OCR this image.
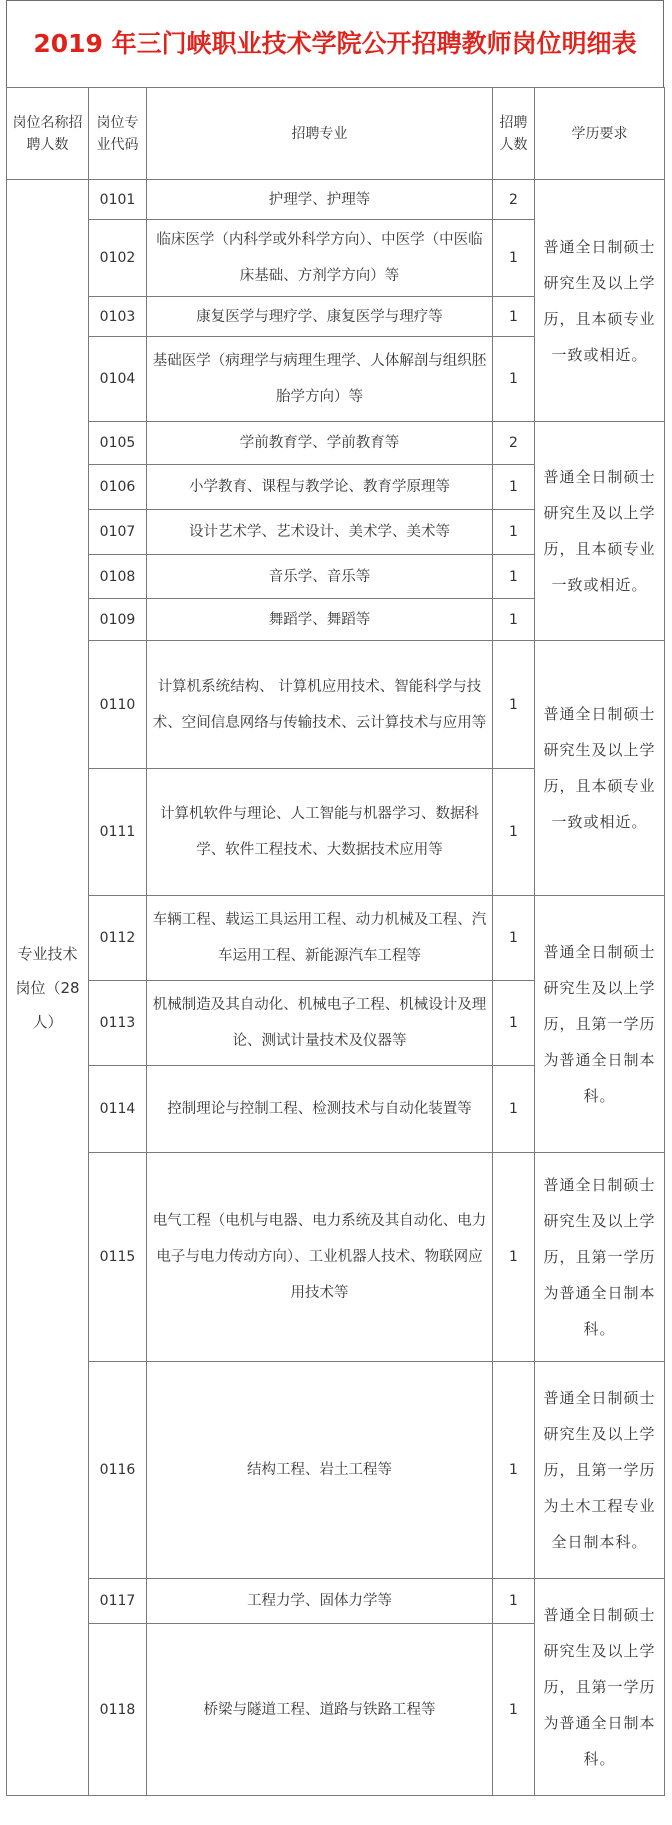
2019 年三门峡职业技术学院公开招聘教师岗位明细表
岗位名称招聘人数	岗位专业代码	招聘专业	招聘人数	学历要求
专业技术岗位（28 人）	0101	护理学、护理等	2	普通全日制硕士研究生及以上学历，且本硕专业一致或相近。
	0102	临床医学（内科学或外科学方向）、中医学（中医临床基础、方剂学方向）等	1	
	0103	康复医学与理疗学、康复医学与理疗等	1	
	0104	基础医学（病理学与病理生理学、人体解剖与组织胚胎学方向）等	1	
	0105	学前教育学、学前教育等	2	普通全日制硕士研究生及以上学历，且本硕专业一致或相近。
	0106	小学教育、课程与教学论、教育学原理等	1	
	0107	设计艺术学、艺术设计、美术学、美术等	1	
	0108	音乐学、音乐等	1	
	0109	舞蹈学、舞蹈等	1	
	0110	计算机系统结构、 计算机应用技术、智能科学与技术、空间信息网络与传输技术、云计算技术与应用等	1	普通全日制硕士研究生及以上学历，且本硕专业一致或相近。
	0111	计算机软件与理论、人工智能与机器学习、数据科学、软件工程技术、大数据技术应用等	1	
	0112	车辆工程、载运工具运用工程、动力机械及工程、汽车运用工程、新能源汽车工程等	1	普通全日制硕士研究生及以上学历，且第一学历为普通全日制本科。
	0113	机械制造及其自动化、机械电子工程、机械设计及理论、测试计量技术及仪器等	1	
	0114	控制理论与控制工程、检测技术与自动化装置等	1	
	0115	电气工程（电机与电器、电力系统及其自动化、电力电子与电力传动方向）、工业机器人技术、物联网应用技术等	1	普通全日制硕士研究生及以上学历，且第一学历为普通全日制本科。
	0116	结构工程、岩土工程等	1	普通全日制硕士研究生及以上学历，且第一学历为土木工程专业全日制本科。
	0117	工程力学、固体力学等	1	普通全日制硕士研究生及以上学历，且第一学历为普通全日制本科。
	0118	桥梁与隧道工程、道路与铁路工程等	1	
